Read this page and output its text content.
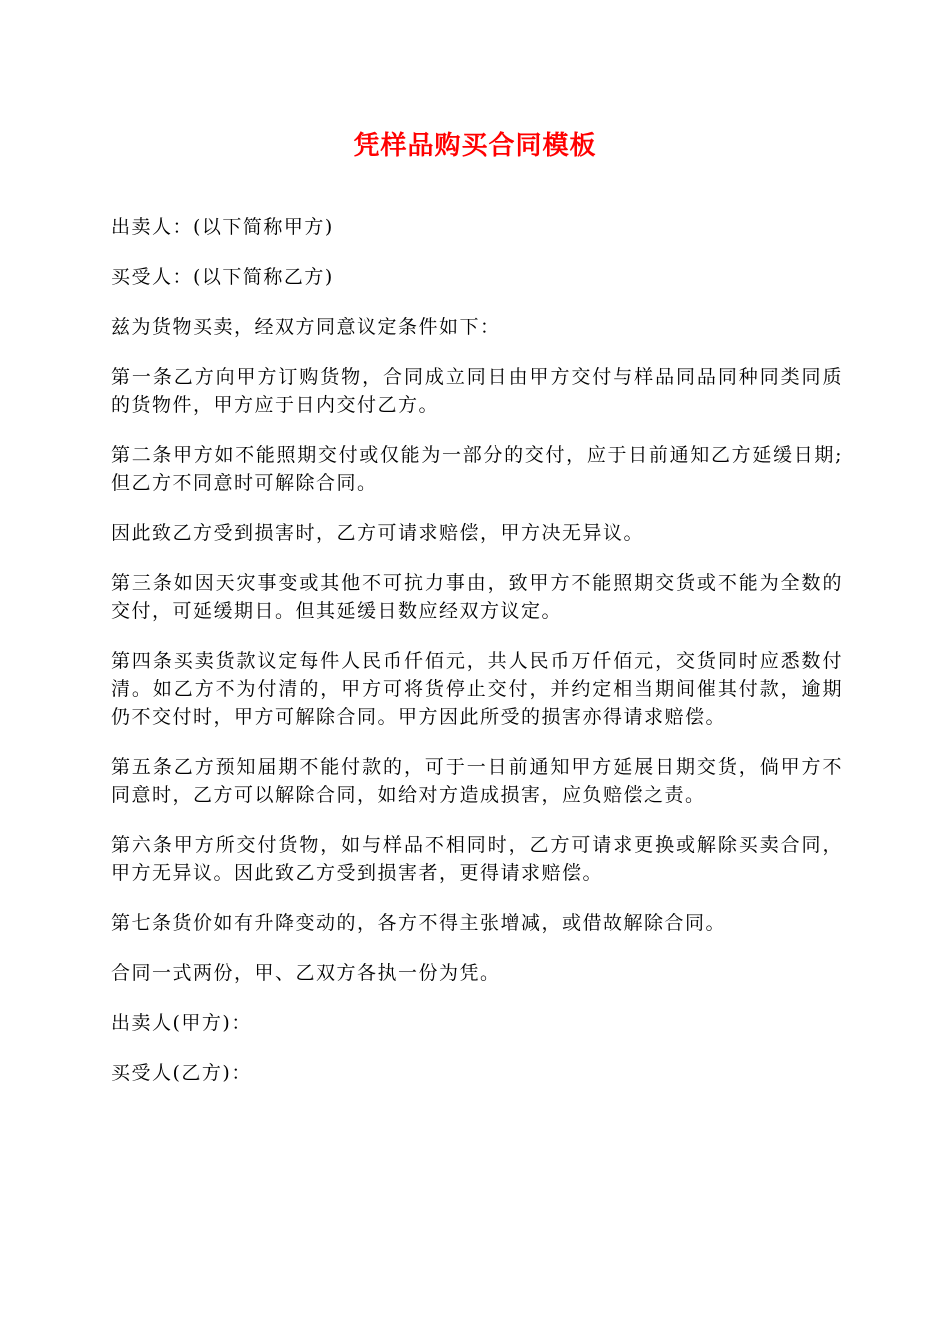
凭样品购买合同模板

出卖人：(以下简称甲方)

买受人：(以下简称乙方)

兹为货物买卖，经双方同意议定条件如下：

第一条乙方向甲方订购货物，合同成立同日由甲方交付与样品同品同种同类同质的货物件，甲方应于日内交付乙方。

第二条甲方如不能照期交付或仅能为一部分的交付，应于日前通知乙方延缓日期;但乙方不同意时可解除合同。

因此致乙方受到损害时，乙方可请求赔偿，甲方决无异议。

第三条如因天灾事变或其他不可抗力事由，致甲方不能照期交货或不能为全数的交付，可延缓期日。但其延缓日数应经双方议定。

第四条买卖货款议定每件人民币仟佰元，共人民币万仟佰元，交货同时应悉数付清。如乙方不为付清的，甲方可将货停止交付，并约定相当期间催其付款，逾期仍不交付时，甲方可解除合同。甲方因此所受的损害亦得请求赔偿。

第五条乙方预知届期不能付款的，可于一日前通知甲方延展日期交货，倘甲方不同意时，乙方可以解除合同，如给对方造成损害，应负赔偿之责。

第六条甲方所交付货物，如与样品不相同时，乙方可请求更换或解除买卖合同，甲方无异议。因此致乙方受到损害者，更得请求赔偿。

第七条货价如有升降变动的，各方不得主张增减，或借故解除合同。

合同一式两份，甲、乙双方各执一份为凭。

出卖人(甲方)：

买受人(乙方)：
